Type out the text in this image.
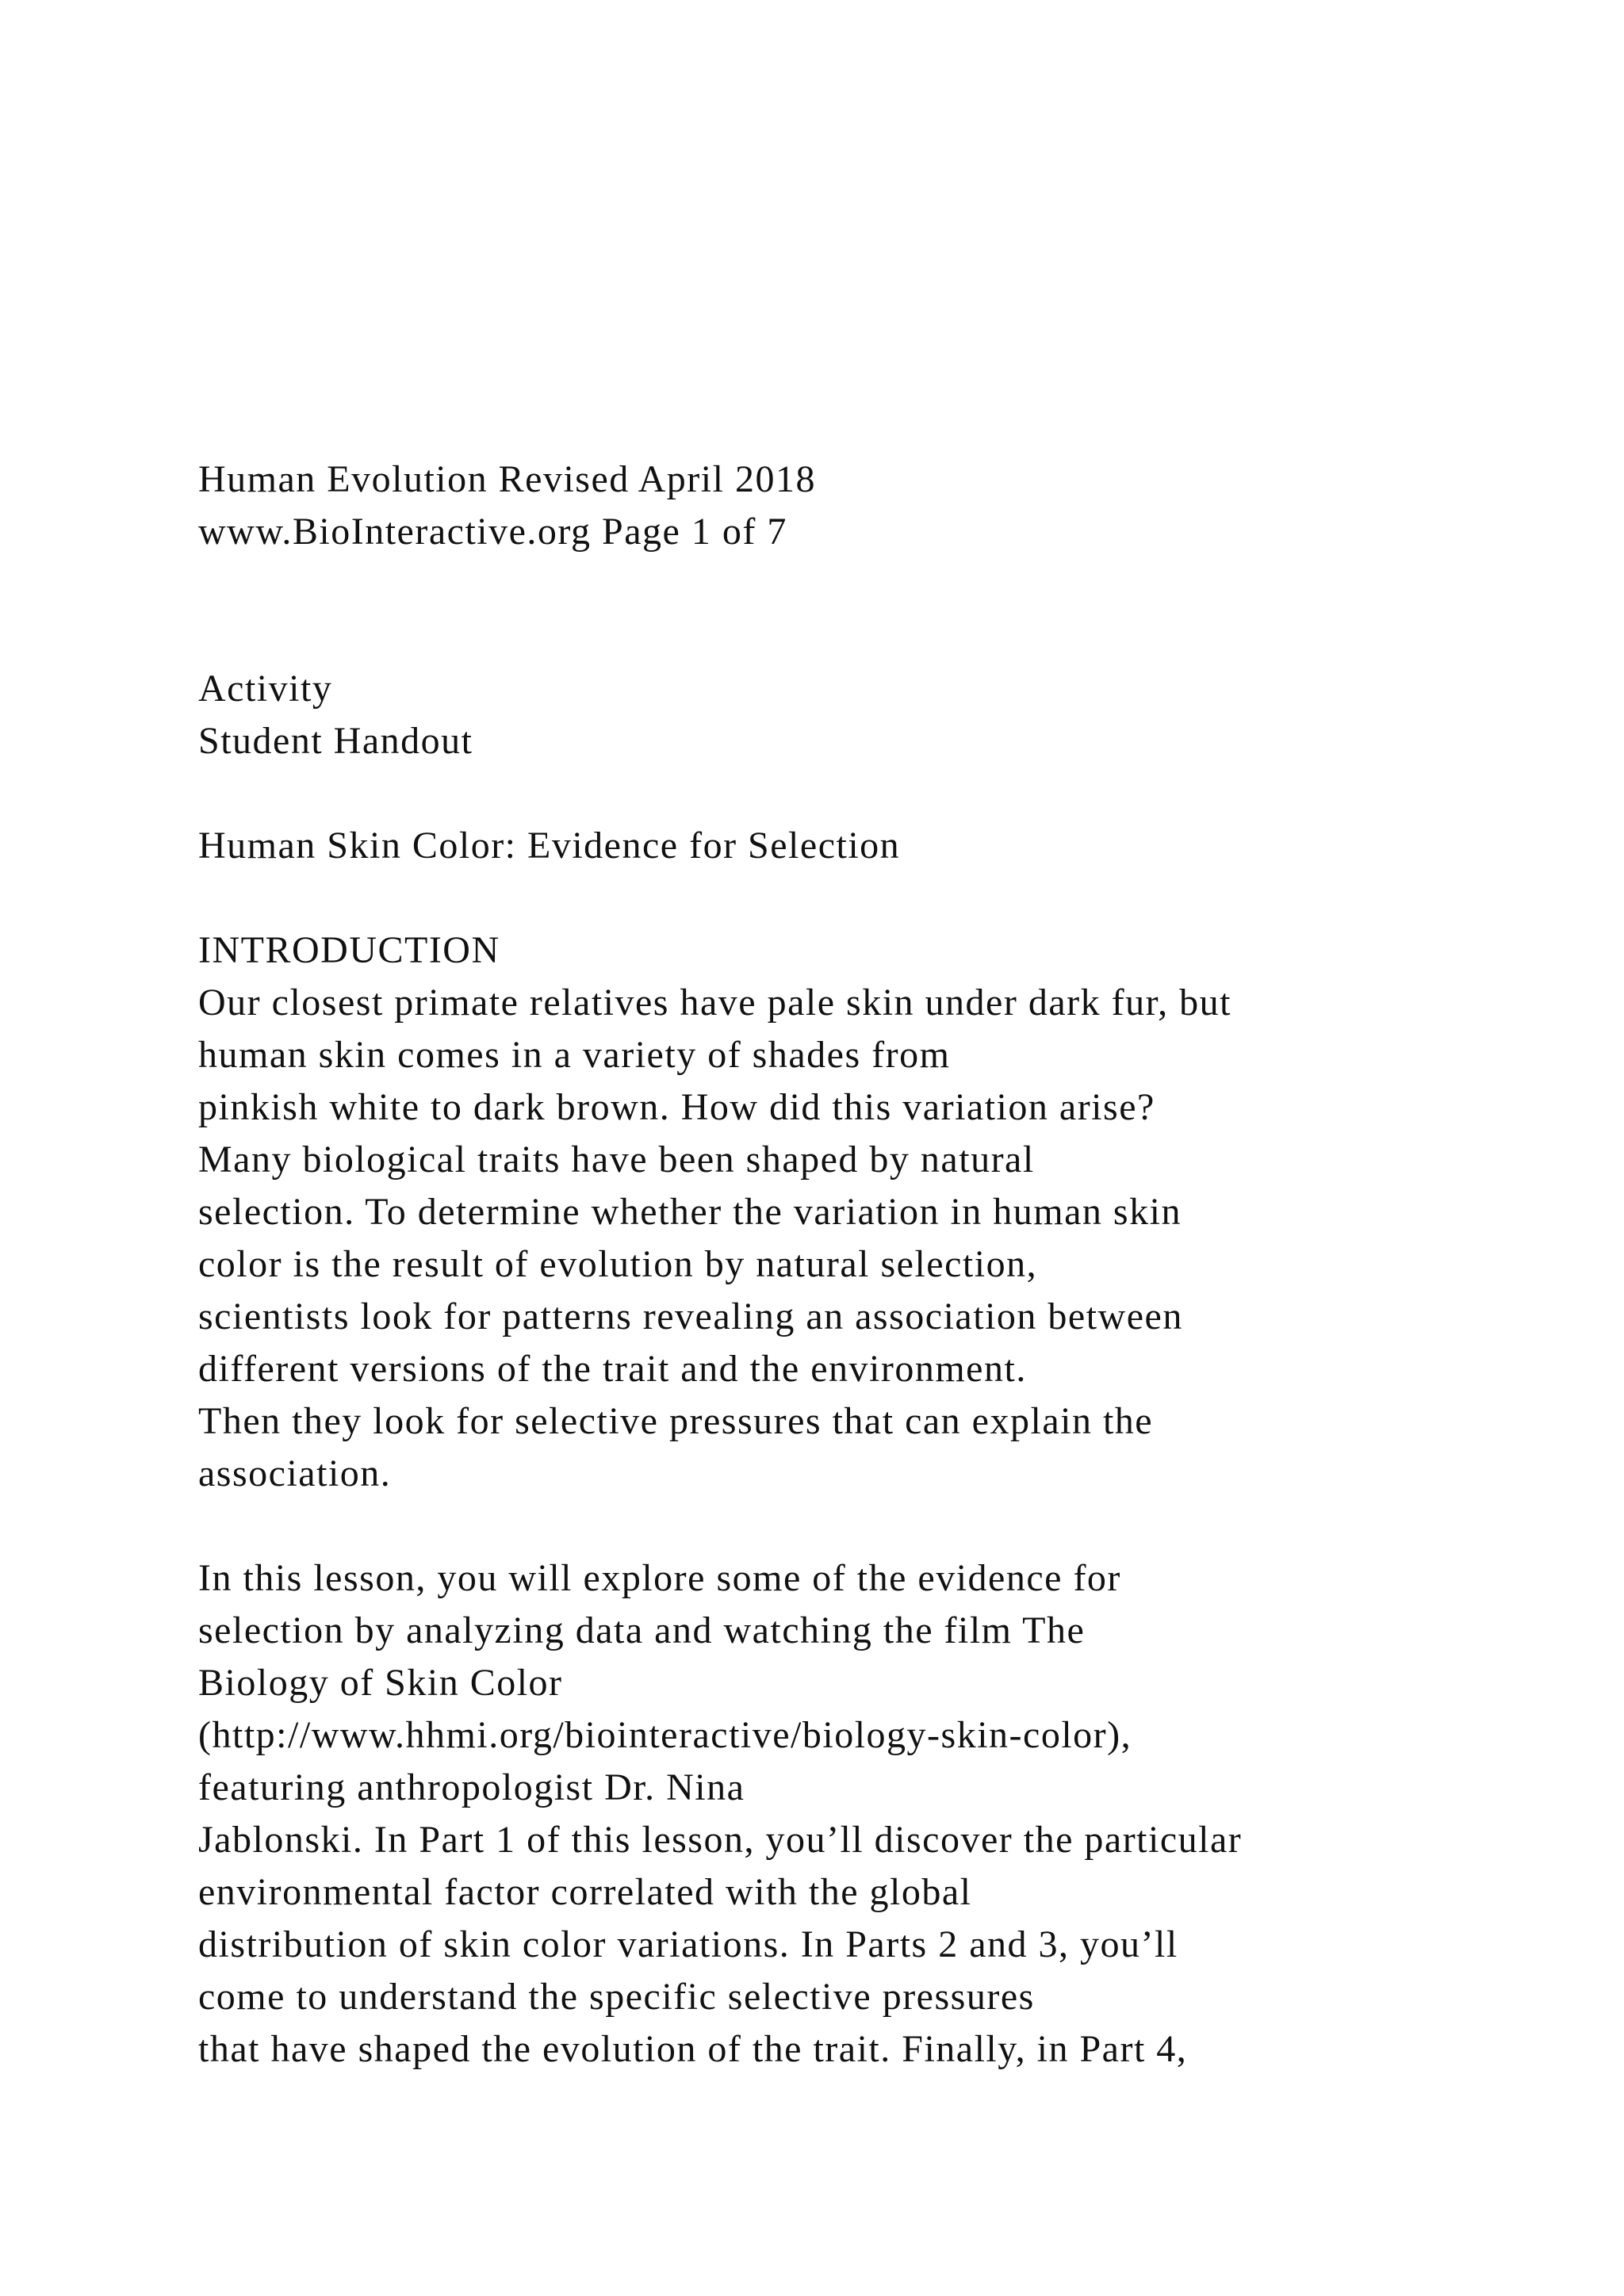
Human Evolution Revised April 2018
www.BioInteractive.org Page 1 of 7
Activity
Student Handout
Human Skin Color: Evidence for Selection
INTRODUCTION
Our closest primate relatives have pale skin under dark fur, but
human skin comes in a variety of shades from
pinkish white to dark brown. How did this variation arise?
Many biological traits have been shaped by natural
selection. To determine whether the variation in human skin
color is the result of evolution by natural selection,
scientists look for patterns revealing an association between
different versions of the trait and the environment.
Then they look for selective pressures that can explain the
association.
In this lesson, you will explore some of the evidence for
selection by analyzing data and watching the film The
Biology of Skin Color
(http://www.hhmi.org/biointeractive/biology-skin-color),
featuring anthropologist Dr. Nina
Jablonski. In Part 1 of this lesson, you’ll discover the particular
environmental factor correlated with the global
distribution of skin color variations. In Parts 2 and 3, you’ll
come to understand the specific selective pressures
that have shaped the evolution of the trait. Finally, in Part 4,
